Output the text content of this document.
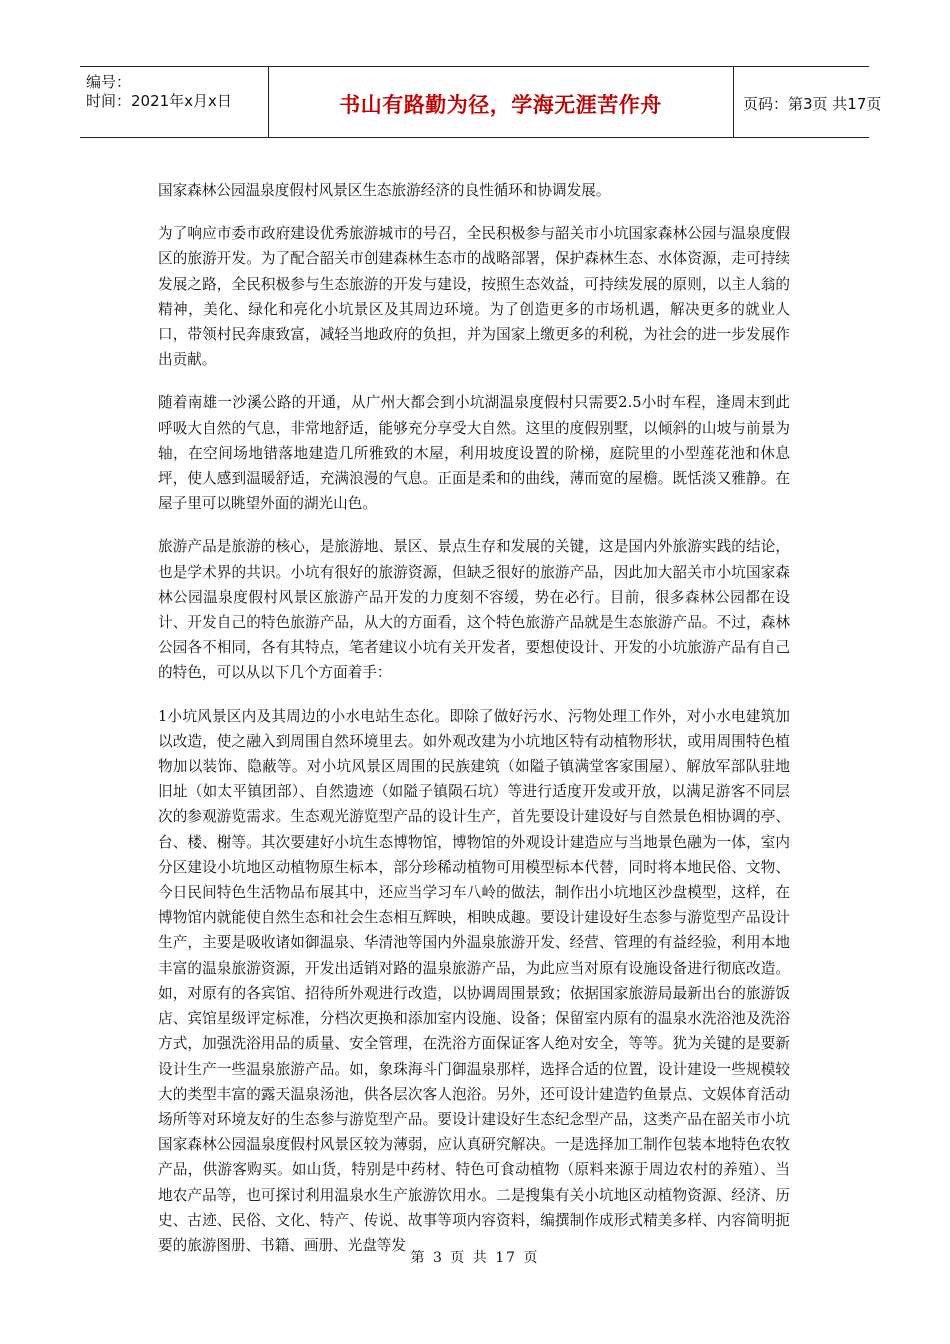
编号：
时间：2021年x月x日	书山有路勤为径，学海无涯苦作舟	页码：第3页 共17页

国家森林公园温泉度假村风景区生态旅游经济的良性循环和协调发展。

为了响应市委市政府建设优秀旅游城市的号召，全民积极参与韶关市小坑国家森林公园与温泉度假区的旅游开发。为了配合韶关市创建森林生态市的战略部署，保护森林生态、水体资源，走可持续发展之路，全民积极参与生态旅游的开发与建设，按照生态效益，可持续发展的原则，以主人翁的精神，美化、绿化和亮化小坑景区及其周边环境。为了创造更多的市场机遇，解决更多的就业人口，带领村民奔康致富，减轻当地政府的负担，并为国家上缴更多的利税，为社会的进一步发展作出贡献。

随着南雄一沙溪公路的开通，从广州大都会到小坑湖温泉度假村只需要2.5小时车程，逢周末到此呼吸大自然的气息，非常地舒适，能够充分享受大自然。这里的度假别墅，以倾斜的山坡与前景为轴，在空间场地错落地建造几所雅致的木屋，利用坡度设置的阶梯，庭院里的小型莲花池和休息坪，使人感到温暖舒适，充满浪漫的气息。正面是柔和的曲线，薄而宽的屋檐。既恬淡又雅静。在屋子里可以眺望外面的湖光山色。

旅游产品是旅游的核心，是旅游地、景区、景点生存和发展的关键，这是国内外旅游实践的结论，也是学术界的共识。小坑有很好的旅游资源，但缺乏很好的旅游产品，因此加大韶关市小坑国家森林公园温泉度假村风景区旅游产品开发的力度刻不容缓，势在必行。目前，很多森林公园都在设计、开发自己的特色旅游产品，从大的方面看，这个特色旅游产品就是生态旅游产品。不过，森林公园各不相同，各有其特点，笔者建议小坑有关开发者，要想使设计、开发的小坑旅游产品有自己的特色，可以从以下几个方面着手：

1小坑风景区内及其周边的小水电站生态化。即除了做好污水、污物处理工作外，对小水电建筑加以改造，使之融入到周围自然环境里去。如外观改建为小坑地区特有动植物形状，或用周围特色植物加以装饰、隐蔽等。对小坑风景区周围的民族建筑（如隘子镇满堂客家围屋）、解放军部队驻地旧址（如太平镇团部）、自然遗迹（如隘子镇陨石坑）等进行适度开发或开放，以满足游客不同层次的参观游览需求。生态观光游览型产品的设计生产，首先要设计建设好与自然景色相协调的亭、台、楼、榭等。其次要建好小坑生态博物馆，博物馆的外观设计建造应与当地景色融为一体，室内分区建设小坑地区动植物原生标本，部分珍稀动植物可用模型标本代替，同时将本地民俗、文物、今日民间特色生活物品布展其中，还应当学习车八岭的做法，制作出小坑地区沙盘模型，这样，在博物馆内就能使自然生态和社会生态相互辉映，相映成趣。要设计建设好生态参与游览型产品设计生产，主要是吸收诸如御温泉、华清池等国内外温泉旅游开发、经营、管理的有益经验，利用本地丰富的温泉旅游资源，开发出适销对路的温泉旅游产品，为此应当对原有设施设备进行彻底改造。如，对原有的各宾馆、招待所外观进行改造，以协调周围景致；依据国家旅游局最新出台的旅游饭店、宾馆星级评定标准，分档次更换和添加室内设施、设备；保留室内原有的温泉水洗浴池及洗浴方式，加强洗浴用品的质量、安全管理，在洗浴方面保证客人绝对安全，等等。犹为关键的是要新设计生产一些温泉旅游产品。如，象珠海斗门御温泉那样，选择合适的位置，设计建设一些规模较大的类型丰富的露天温泉汤池，供各层次客人泡浴。另外，还可设计建造钓鱼景点、文娱体育活动场所等对环境友好的生态参与游览型产品。要设计建设好生态纪念型产品，这类产品在韶关市小坑国家森林公园温泉度假村风景区较为薄弱，应认真研究解决。一是选择加工制作包装本地特色农牧产品，供游客购买。如山货，特别是中药材、特色可食动植物（原料来源于周边农村的养殖）、当地农产品等，也可探讨利用温泉水生产旅游饮用水。二是搜集有关小坑地区动植物资源、经济、历史、古迹、民俗、文化、特产、传说、故事等项内容资料，编撰制作成形式精美多样、内容简明扼要的旅游图册、书籍、画册、光盘等发

第 3 页 共 17 页
